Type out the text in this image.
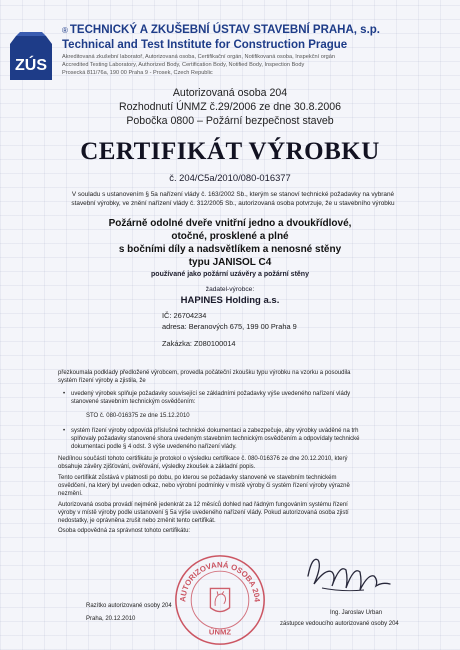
ZÚS
® TECHNICKÝ A ZKUŠEBNÍ ÚSTAV STAVEBNÍ PRAHA, s.p.
Technical and Test Institute for Construction Prague
Akreditovaná zkušební laboratoř, Autorizovaná osoba, Certifikační orgán, Notifikovaná osoba, Inspekční orgán
Accredited Testing Laboratory, Authorized Body, Certification Body, Notified Body, Inspection Body
Prosecká 811/76a, 190 00 Praha 9 - Prosek, Czech Republic
Autorizovaná osoba 204
Rozhodnutí ÚNMZ č.29/2006 ze dne 30.8.2006
Pobočka 0800 – Požární bezpečnost staveb
CERTIFIKÁT VÝROBKU
č. 204/C5a/2010/080-016377
V souladu s ustanovením § 5a nařízení vlády č. 163/2002 Sb., kterým se stanoví technické požadavky na vybrané
stavební výrobky, ve znění nařízení vlády č. 312/2005 Sb., autorizovaná osoba potvrzuje, že u stavebního výrobku
Požárně odolné dveře vnitřní jedno a dvoukřídlové,
otočné, prosklené a plné
s bočními díly a nadsvětlíkem a nenosné stěny
typu JANISOL C4
používané jako požární uzávěry a požární stěny
žadatel-výrobce:
HAPINES Holding a.s.
IČ: 26704234
adresa: Beranových 675, 199 00 Praha 9
Zakázka: Z080100014

přezkoumala podklady předložené výrobcem, provedla počáteční zkoušku typu výrobku na vzorku a posoudila

systém řízení výroby a zjistila, že

• uvedený výrobek splňuje požadavky související se základními požadavky výše uvedeného nařízení vlády
stanovené stavebním technickým osvědčením:
STO č. 080-016375 ze dne 15.12.2010
• systém řízení výroby odpovídá příslušné technické dokumentaci a zabezpečuje, aby výrobky uváděné na trh
splňovaly požadavky stanovené shora uvedeným stavebním technickým osvědčením a odpovídaly technické
dokumentaci podle § 4 odst. 3 výše uvedeného nařízení vlády.

Nedílnou součástí tohoto certifikátu je protokol o výsledku certifikace č. 080-016376 ze dne 20.12.2010, který

obsahuje závěry zjišťování, ověřování, výsledky zkoušek a základní popis.

Tento certifikát zůstává v platnosti po dobu, po kterou se požadavky stanovené ve stavebním technickém

osvědčení, na který byl uveden odkaz, nebo výrobní podmínky v místě výroby či systém řízení výroby výrazně

nezmění.

Autorizovaná osoba provádí nejméně jedenkrát za 12 měsíců dohled nad řádným fungováním systému řízení

výroby v místě výroby podle ustanovení § 5a výše uvedeného nařízení vlády. Pokud autorizovaná osoba zjistí

nedostatky, je oprávněna zrušit nebo změnit tento certifikát.

Osoba odpovědná za správnost tohoto certifikátu:
AUTORIZOVANÁ OSOBA 204
ÚNMZ
Razítko autorizované osoby 204
Praha, 20.12.2010
Ing. Jaroslav Urban
zástupce vedoucího autorizované osoby 204
